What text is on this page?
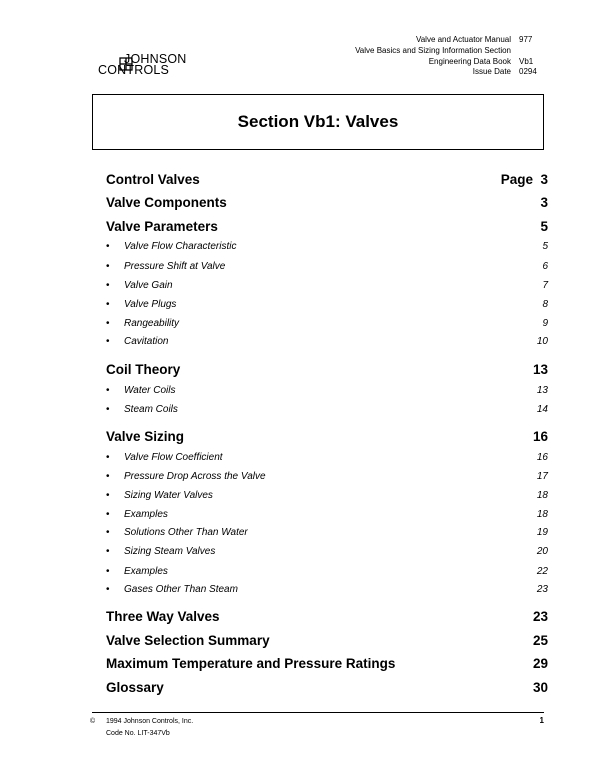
JOHNSON
CONTROLS
Valve and Actuator Manual	977
Valve Basics and Sizing Information Section
Engineering Data Book	Vb1
Issue Date	0294
Section Vb1: Valves
Control Valves	Page 3
Valve Components	3
Valve Parameters	5
• Valve Flow Characteristic	5
• Pressure Shift at Valve	6
• Valve Gain	7
• Valve Plugs	8
• Rangeability	9
• Cavitation	10
Coil Theory	13
• Water Coils	13
• Steam Coils	14
Valve Sizing	16
• Valve Flow Coefficient	16
• Pressure Drop Across the Valve	17
• Sizing Water Valves	18
• Examples	18
• Solutions Other Than Water	19
• Sizing Steam Valves	20
• Examples	22
• Gases Other Than Steam	23
Three Way Valves	23
Valve Selection Summary	25
Maximum Temperature and Pressure Ratings	29
Glossary	30
© 1994 Johnson Controls, Inc.
Code No. LIT-347Vb
1
